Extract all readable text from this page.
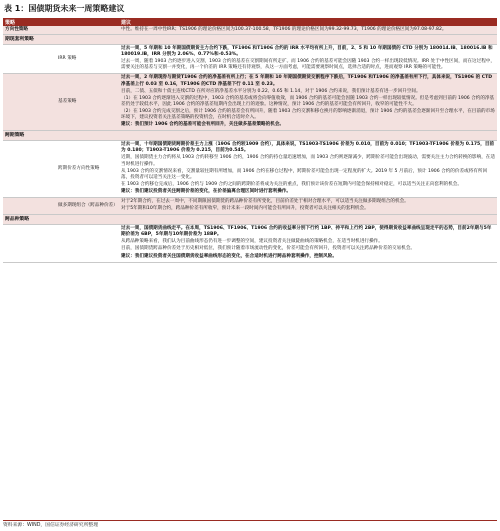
表 1：国债期货未来一周策略建议
策略		建议
方向性策略		中性。维持在一周中性IRR；TS1906 的理论价格区间为100.37-100.58，TF1906 的理论价格区间为99.32-99.73，T1906 的理论价格区间为97.08-97.82。
期现套利策略		
	IRR 策略	过去一周，5 年期和 10 年期国债期货主力合约下跌，TF1906 和T1906 合约的 IRR 水平均有所上升，目前，2、5 和 10 年期国债的 CTD 分别为 180014.IB、180016.IB 和 180019.IB，IRR 分别为 2.06%、0.77%和-0.53%。
过去一周，随着 1903 合约逐步进入交割，1903 合约的基差在交割期间有所走扩。而 1906 合约的基差可能会因随 1903 合约一样出现较低情况。IRR 处于中性区间，而在这过程中，需要关注的基差与交割一并变化，再一个价差的 IRR 策略还有待观察，从这一方面考虑，可能需要观察时间点，选择合适的时点，进而观察 IRR 策略的可能性。

	基差策略	过去一周，2 年期现券与期货T1906 合约的净基差有所上行；在 5 年期和 10 年期国债期货交割程序下跌后，TF1906 和T1906 的净基差有所下行，具体来说，TS1906 的 CTD 净基差上行 0.03 至 0.16，TF1906 的CTD 净基差下行 0.11 至 0.23。
目前，二债、五债和十债主连续CTD 在所对应的净基差水平分别为 0.22、0.65 和 1.14，对于 1906 合约来说，我们预计基差有进一步回升空间。
（1）在 1903 合约逐渐进入交割的过程中，1903 合约的基差或将会向零值收敛，而 1906 合约的基差可能会因随 1903 合约一样出现较低情况。但是考虑到目前的 1906 合约的净基差仍处于较低水平，因此 1906 合约的净基差短期内会出现上行的迹象。这种情况，预计 1906 合约的基差可能会有所回升，收窄的可能性不大。
（2）在 1903 合约完成交割之后，预计 1906 合约的基差会有所回升，随着 1903 合约交割和移仓换月的影响逐渐消退，预计 1906 合约的基差会逐渐回升至合理水平，在目前的市场环境下，建议投资者关注基差策略的投资机会，在时机合适时介入。
建议：我们预计 1906 合约的基差可能会有所回升，关注做多基差策略的机会。

跨期策略		
	跨期价差方向性策略	过去一周，十年期国债期货跨期价差主力上涨（1906 合约较1909 合约），具体来说，TS1903-TS1906 价差为 0.010，目前为 0.010；TF1903-TF1906 价差为 0.175，目前为 0.180；T1903-T1906 价差为 0.215，目前为0.545。
近期，国债期货主力合约将从 1903 合约转移至 1906 合约，1906 合约的持仓量迅速增加，而 1903 合约则逐渐减少，跨期价差可能会出现波动，需要关注主力合约转换的影响，在适当时机进行操作。
从 1903 合约的交割情况来看，交割量较往期有所增加，而 1906 合约在移仓过程中，跨期价差可能会出现一定程度的扩大。2019 年 5 月前后，预计 1906 合约的价差或将有所回落，投资者可以适当关注这一变化。
在 1903 合约移仓完成后，1906 合约与 1909 合约之间的跨期价差将成为关注的重点，我们预计该价差在短期内可能会保持相对稳定，可以适当关注正向套利的机会。
建议：我们建议投资者关注跨期价差的变化，在价差偏离合理区间时进行套利操作。

	做多期现组合（跨品种价差）	对于2年期合约，在过去一周中，不同期限国债期货的跨品种价差有所变化，目前价差处于相对合理水平，可以适当关注做多期现组合的机会。
对于5年期和10年期合约，跨品种价差有所收窄，预计未来一段时间内可能会有所回升，投资者可以关注相关的套利机会。

跨品种策略		

		过去一周，国债期货曲线走平。在本周，TS1906、TF1906、T1906 合约的收益率分别下行约 1BP、持平和上行约 2BP，使得期货收益率曲线呈现走平的态势，目前2年期与5年期价差为 6BP，5年期与10年期价差为 18BP。
从跨品种策略来看，我们认为目前曲线形态仍有进一步调整的空间，建议投资者关注做陡曲线的策略机会，在适当时机进行操作。
目前，国债期货跨品种价差处于历史相对低位，我们预计随着市场流动性的变化，价差可能会有所回升，投资者可以关注跨品种价差的交易机会。
建议：我们建议投资者关注国债期货收益率曲线形态的变化，在合适时机进行跨品种套利操作，控制风险。
资料来源：WIND，国信证券经济研究所整理
